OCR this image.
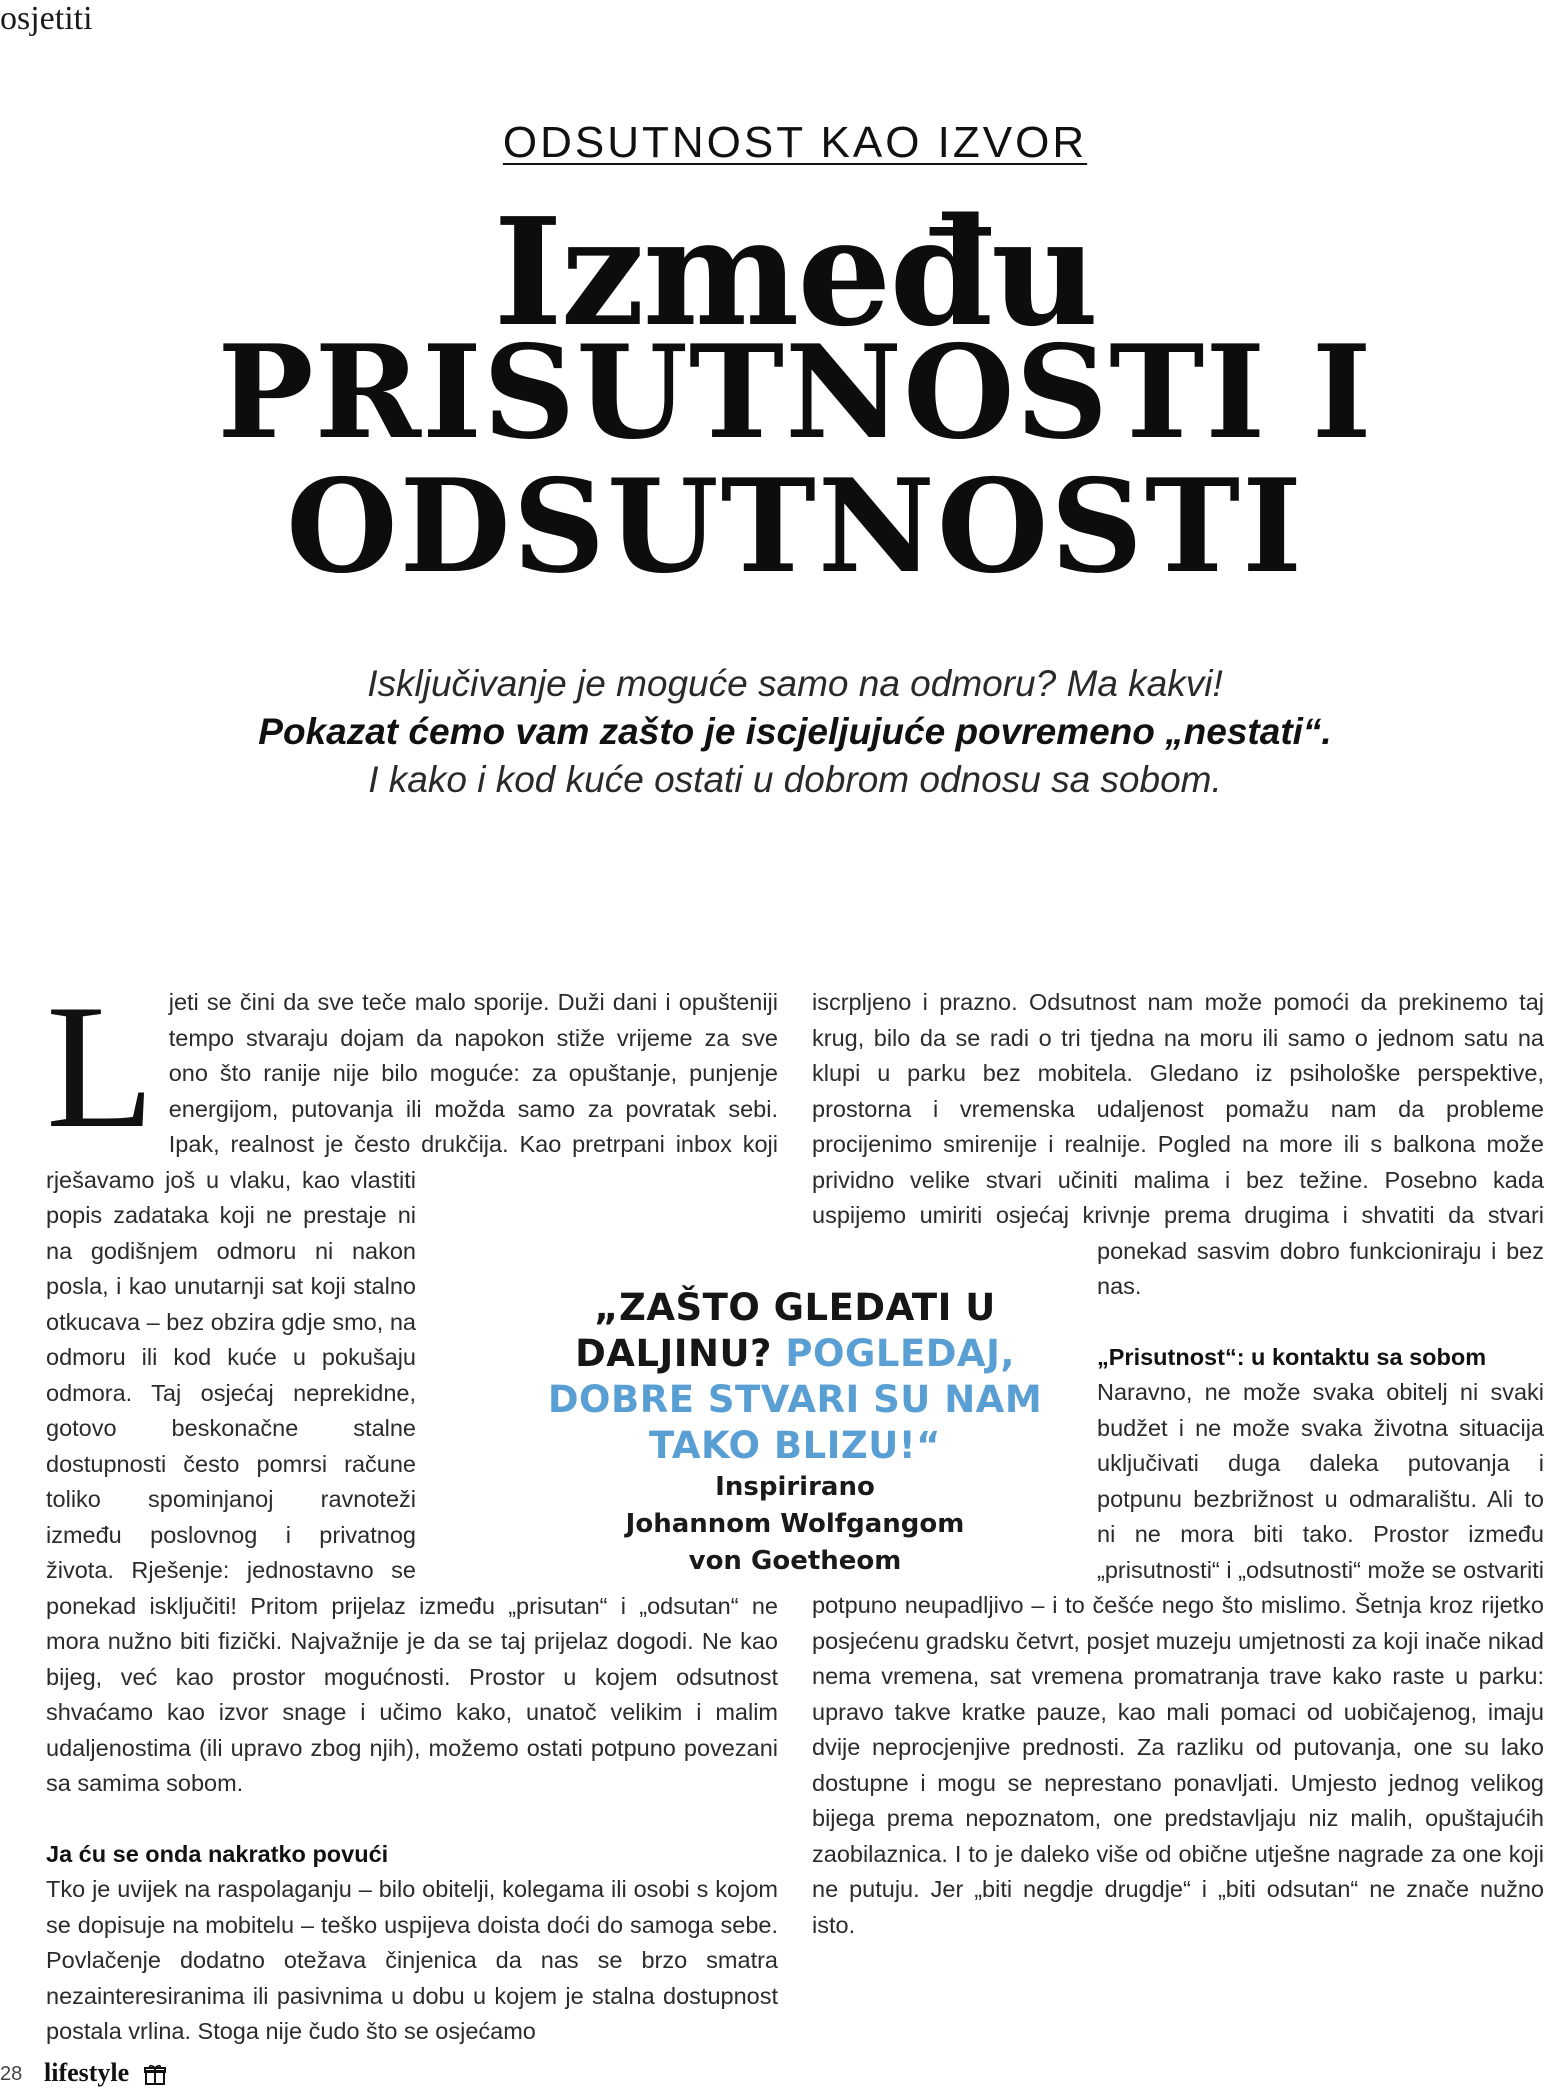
osjetiti
ODSUTNOST KAO IZVOR
Između
PRISUTNOSTI I
ODSUTNOSTI
Isključivanje je moguće samo na odmoru? Ma kakvi!
Pokazat ćemo vam zašto je iscjeljujuće povremeno „nestati“.
I kako i kod kuće ostati u dobrom odnosu sa sobom.
L jeti se čini da sve teče malo sporije. Duži dani i opušteniji tempo stvaraju dojam da napokon stiže vrijeme za sve ono što ranije nije bilo moguće: za opuštanje, punjenje energijom, putovanja ili možda samo za povratak sebi. Ipak, realnost je često drukčija. Kao pretrpani inbox koji rješavamo još u vlaku, kao vlastiti popis zadataka koji ne prestaje ni na godišnjem odmoru ni nakon posla, i kao unutarnji sat koji stalno otkucava – bez obzira gdje smo, na odmoru ili kod kuće u pokušaju odmora. Taj osjećaj neprekidne, gotovo beskonačne stalne dostupnosti često pomrsi račune toliko spominjanoj ravnoteži između poslovnog i privatnog života. Rješenje: jednostavno se ponekad isključiti! Pritom prijelaz između „prisutan“ i „odsutan“ ne mora nužno biti fizički. Najvažnije je da se taj prijelaz dogodi. Ne kao bijeg, već kao prostor mogućnosti. Prostor u kojem odsutnost shvaćamo kao izvor snage i učimo kako, unatoč velikim i malim udaljenostima (ili upravo zbog njih), možemo ostati potpuno povezani sa samima sobom.

Ja ću se onda nakratko povući

Tko je uvijek na raspolaganju – bilo obitelji, kolegama ili osobi s kojom se dopisuje na mobitelu – teško uspijeva doista doći do samoga sebe. Povlačenje dodatno otežava činjenica da nas se brzo smatra nezainteresiranima ili pasivnima u dobu u kojem je stalna dostupnost postala vrlina. Stoga nije čudo što se osjećamo

iscrpljeno i prazno. Odsutnost nam može pomoći da prekinemo taj krug, bilo da se radi o tri tjedna na moru ili samo o jednom satu na klupi u parku bez mobitela. Gledano iz psihološke perspektive, prostorna i vremenska udaljenost pomažu nam da probleme procijenimo smirenije i realnije. Pogled na more ili s balkona može prividno velike stvari učiniti malima i bez težine. Posebno kada uspijemo umiriti osjećaj krivnje prema drugima i shvatiti da stvari ponekad sasvim dobro funkcioniraju i bez nas.

„Prisutnost“: u kontaktu sa sobom

Naravno, ne može svaka obitelj ni svaki budžet i ne može svaka životna situacija uključivati duga daleka putovanja i potpunu bezbrižnost u odmaralištu. Ali to ni ne mora biti tako. Prostor između „prisutnosti“ i „odsutnosti“ može se ostvariti potpuno neupadljivo – i to češće nego što mislimo. Šetnja kroz rijetko posjećenu gradsku četvrt, posjet muzeju umjetnosti za koji inače nikad nema vremena, sat vremena promatranja trave kako raste u parku: upravo takve kratke pauze, kao mali pomaci od uobičajenog, imaju dvije neprocjenjive prednosti. Za razliku od putovanja, one su lako dostupne i mogu se neprestano ponavljati. Umjesto jednog velikog bijega prema nepoznatom, one predstavljaju niz malih, opuštajućih zaobilaznica. I to je daleko više od obične utješne nagrade za one koji ne putuju. Jer „biti negdje drugdje“ i „biti odsutan“ ne znače nužno isto.

„ZAŠTO GLEDATI U DALJINU? POGLEDAJ, DOBRE STVARI SU NAM TAKO BLIZU!“
Inspirirano
Johannom Wolfgangom
von Goetheom
28 lifestyle
